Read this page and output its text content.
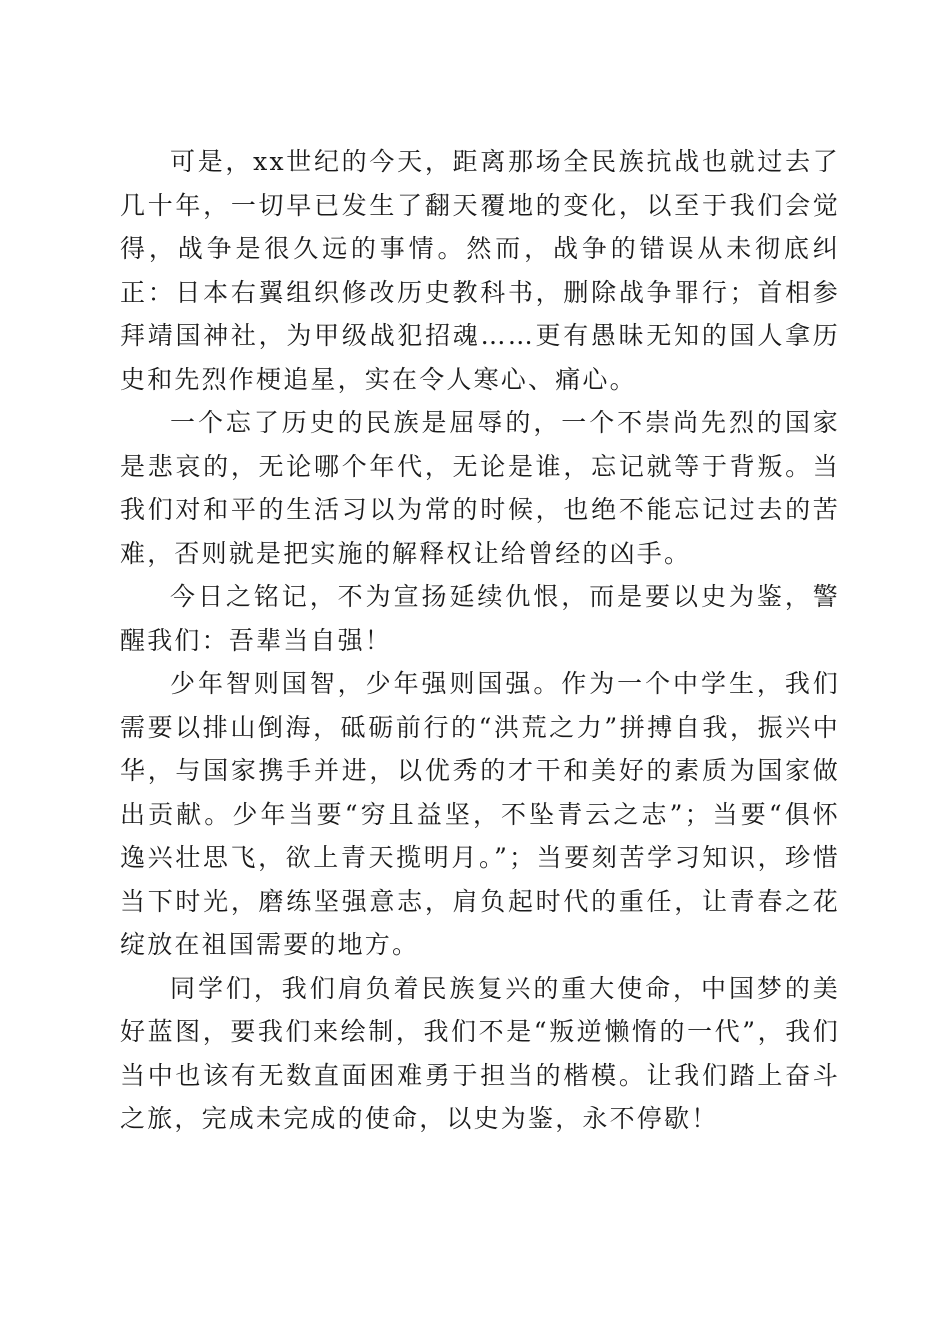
可是，xx世纪的今天，距离那场全民族抗战也就过去了几十年，一切早已发生了翻天覆地的变化，以至于我们会觉得，战争是很久远的事情。然而，战争的错误从未彻底纠正：日本右翼组织修改历史教科书，删除战争罪行；首相参拜靖国神社，为甲级战犯招魂……更有愚昧无知的国人拿历史和先烈作梗追星，实在令人寒心、痛心。

一个忘了历史的民族是屈辱的，一个不崇尚先烈的国家是悲哀的，无论哪个年代，无论是谁，忘记就等于背叛。当我们对和平的生活习以为常的时候，也绝不能忘记过去的苦难，否则就是把实施的解释权让给曾经的凶手。

今日之铭记，不为宣扬延续仇恨，而是要以史为鉴，警醒我们：吾辈当自强！

少年智则国智，少年强则国强。作为一个中学生，我们需要以排山倒海，砥砺前行的“洪荒之力”拼搏自我，振兴中华，与国家携手并进，以优秀的才干和美好的素质为国家做出贡献。少年当要“穷且益坚，不坠青云之志”；当要“俱怀逸兴壮思飞，欲上青天揽明月。”；当要刻苦学习知识，珍惜当下时光，磨练坚强意志，肩负起时代的重任，让青春之花绽放在祖国需要的地方。

同学们，我们肩负着民族复兴的重大使命，中国梦的美好蓝图，要我们来绘制，我们不是“叛逆懒惰的一代”，我们当中也该有无数直面困难勇于担当的楷模。让我们踏上奋斗之旅，完成未完成的使命，以史为鉴，永不停歇！
